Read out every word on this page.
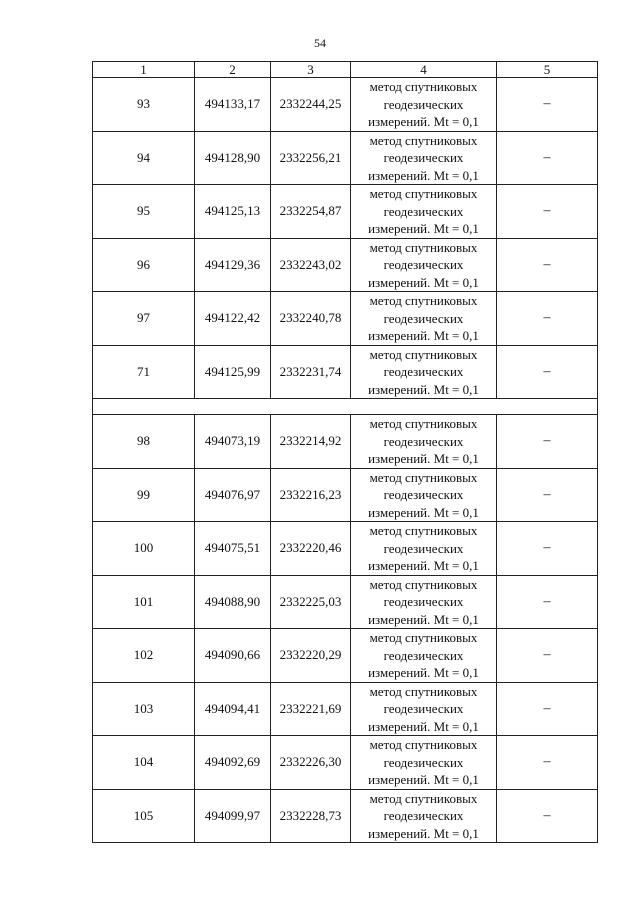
54
1	2	3	4	5
93	494133,17	2332244,25	метод спутниковых
геодезических
измерений. Mt = 0,1	–
94	494128,90	2332256,21	метод спутниковых
геодезических
измерений. Mt = 0,1	–
95	494125,13	2332254,87	метод спутниковых
геодезических
измерений. Mt = 0,1	–
96	494129,36	2332243,02	метод спутниковых
геодезических
измерений. Mt = 0,1	–
97	494122,42	2332240,78	метод спутниковых
геодезических
измерений. Mt = 0,1	–
71	494125,99	2332231,74	метод спутниковых
геодезических
измерений. Mt = 0,1	–

98	494073,19	2332214,92	метод спутниковых
геодезических
измерений. Mt = 0,1	–
99	494076,97	2332216,23	метод спутниковых
геодезических
измерений. Mt = 0,1	–
100	494075,51	2332220,46	метод спутниковых
геодезических
измерений. Mt = 0,1	–
101	494088,90	2332225,03	метод спутниковых
геодезических
измерений. Mt = 0,1	–
102	494090,66	2332220,29	метод спутниковых
геодезических
измерений. Mt = 0,1	–
103	494094,41	2332221,69	метод спутниковых
геодезических
измерений. Mt = 0,1	–
104	494092,69	2332226,30	метод спутниковых
геодезических
измерений. Mt = 0,1	–
105	494099,97	2332228,73	метод спутниковых
геодезических
измерений. Mt = 0,1	–
